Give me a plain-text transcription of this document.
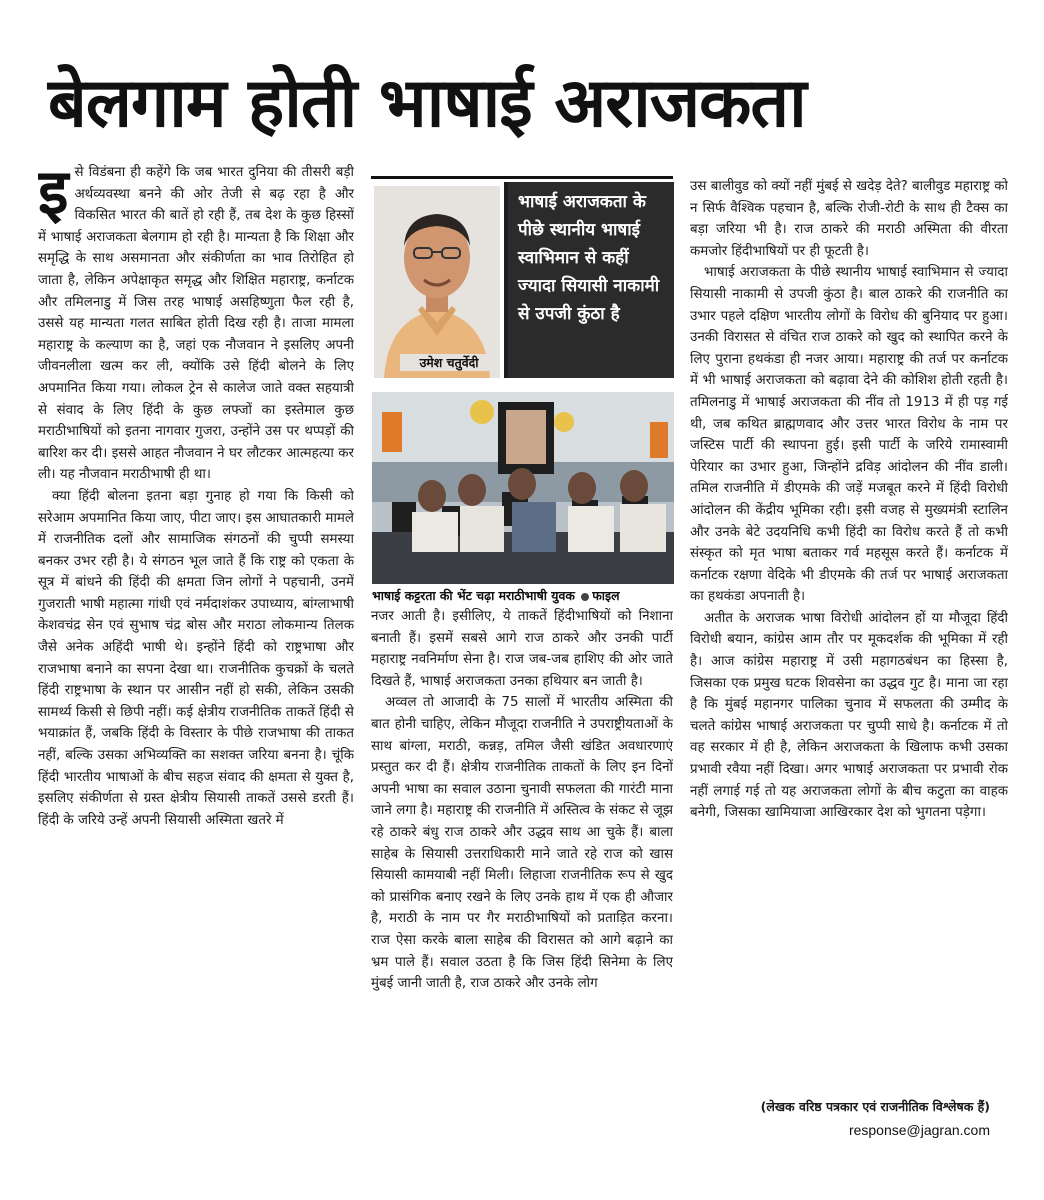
बेलगाम होती भाषाई अराजकता

इसे विडंबना ही कहेंगे कि जब भारत दुनिया की तीसरी बड़ी अर्थव्यवस्था बनने की ओर तेजी से बढ़ रहा है और विकसित भारत की बातें हो रही हैं, तब देश के कुछ हिस्सों में भाषाई अराजकता बेलगाम हो रही है। मान्यता है कि शिक्षा और समृद्धि के साथ असमानता और संकीर्णता का भाव तिरोहित हो जाता है, लेकिन अपेक्षाकृत समृद्ध और शिक्षित महाराष्ट्र, कर्नाटक और तमिलनाडु में जिस तरह भाषाई असहिष्णुता फैल रही है, उससे यह मान्यता गलत साबित होती दिख रही है। ताजा मामला महाराष्ट्र के कल्याण का है, जहां एक नौजवान ने इसलिए अपनी जीवनलीला खत्म कर ली, क्योंकि उसे हिंदी बोलने के लिए अपमानित किया गया। लोकल ट्रेन से कालेज जाते वक्त सहयात्री से संवाद के लिए हिंदी के कुछ लफ्जों का इस्तेमाल कुछ मराठीभाषियों को इतना नागवार गुजरा, उन्होंने उस पर थप्पड़ों की बारिश कर दी। इससे आहत नौजवान ने घर लौटकर आत्महत्या कर ली। यह नौजवान मराठीभाषी ही था।

क्या हिंदी बोलना इतना बड़ा गुनाह हो गया कि किसी को सरेआम अपमानित किया जाए, पीटा जाए। इस आघातकारी मामले में राजनीतिक दलों और सामाजिक संगठनों की चुप्पी समस्या बनकर उभर रही है। ये संगठन भूल जाते हैं कि राष्ट्र को एकता के सूत्र में बांधने की हिंदी की क्षमता जिन लोगों ने पहचानी, उनमें गुजराती भाषी महात्मा गांधी एवं नर्मदाशंकर उपाध्याय, बांग्लाभाषी केशवचंद्र सेन एवं सुभाष चंद्र बोस और मराठा लोकमान्य तिलक जैसे अनेक अहिंदी भाषी थे। इन्होंने हिंदी को राष्ट्रभाषा और राजभाषा बनाने का सपना देखा था। राजनीतिक कुचक्रों के चलते हिंदी राष्ट्रभाषा के स्थान पर आसीन नहीं हो सकी, लेकिन उसकी सामर्थ्य किसी से छिपी नहीं। कई क्षेत्रीय राजनीतिक ताकतें हिंदी से भयाक्रांत हैं, जबकि हिंदी के विस्तार के पीछे राजभाषा की ताकत नहीं, बल्कि उसका अभिव्यक्ति का सशक्त जरिया बनना है। चूंकि हिंदी भारतीय भाषाओं के बीच सहज संवाद की क्षमता से युक्त है, इसलिए संकीर्णता से ग्रस्त क्षेत्रीय सियासी ताकतें उससे डरती हैं। हिंदी के जरिये उन्हें अपनी सियासी अस्मिता खतरे में

उमेश चतुर्वेदी
भाषाई अराजकता के पीछे स्थानीय भाषाई स्वाभिमान से कहीं ज्यादा सियासी नाकामी से उपजी कुंठा है
भाषाई कट्टरता की भेंट चढ़ा मराठीभाषी युवक फाइल

नजर आती है। इसीलिए, ये ताकतें हिंदीभाषियों को निशाना बनाती हैं। इसमें सबसे आगे राज ठाकरे और उनकी पार्टी महाराष्ट्र नवनिर्माण सेना है। राज जब-जब हाशिए की ओर जाते दिखते हैं, भाषाई अराजकता उनका हथियार बन जाती है।

अव्वल तो आजादी के 75 सालों में भारतीय अस्मिता की बात होनी चाहिए, लेकिन मौजूदा राजनीति ने उपराष्ट्रीयताओं के साथ बांग्ला, मराठी, कन्नड़, तमिल जैसी खंडित अवधारणाएं प्रस्तुत कर दी हैं। क्षेत्रीय राजनीतिक ताकतों के लिए इन दिनों अपनी भाषा का सवाल उठाना चुनावी सफलता की गारंटी माना जाने लगा है। महाराष्ट्र की राजनीति में अस्तित्व के संकट से जूझ रहे ठाकरे बंधु राज ठाकरे और उद्धव साथ आ चुके हैं। बाला साहेब के सियासी उत्तराधिकारी माने जाते रहे राज को खास सियासी कामयाबी नहीं मिली। लिहाजा राजनीतिक रूप से खुद को प्रासंगिक बनाए रखने के लिए उनके हाथ में एक ही औजार है, मराठी के नाम पर गैर मराठीभाषियों को प्रताड़ित करना। राज ऐसा करके बाला साहेब की विरासत को आगे बढ़ाने का भ्रम पाले हैं। सवाल उठता है कि जिस हिंदी सिनेमा के लिए मुंबई जानी जाती है, राज ठाकरे और उनके लोग

उस बालीवुड को क्यों नहीं मुंबई से खदेड़ देते? बालीवुड महाराष्ट्र को न सिर्फ वैश्विक पहचान है, बल्कि रोजी-रोटी के साथ ही टैक्स का बड़ा जरिया भी है। राज ठाकरे की मराठी अस्मिता की वीरता कमजोर हिंदीभाषियों पर ही फूटती है।

भाषाई अराजकता के पीछे स्थानीय भाषाई स्वाभिमान से ज्यादा सियासी नाकामी से उपजी कुंठा है। बाल ठाकरे की राजनीति का उभार पहले दक्षिण भारतीय लोगों के विरोध की बुनियाद पर हुआ। उनकी विरासत से वंचित राज ठाकरे को खुद को स्थापित करने के लिए पुराना हथकंडा ही नजर आया। महाराष्ट्र की तर्ज पर कर्नाटक में भी भाषाई अराजकता को बढ़ावा देने की कोशिश होती रहती है। तमिलनाडु में भाषाई अराजकता की नींव तो 1913 में ही पड़ गई थी, जब कथित ब्राह्मणवाद और उत्तर भारत विरोध के नाम पर जस्टिस पार्टी की स्थापना हुई। इसी पार्टी के जरिये रामास्वामी पेरियार का उभार हुआ, जिन्होंने द्रविड़ आंदोलन की नींव डाली। तमिल राजनीति में डीएमके की जड़ें मजबूत करने में हिंदी विरोधी आंदोलन की केंद्रीय भूमिका रही। इसी वजह से मुख्यमंत्री स्टालिन और उनके बेटे उदयनिधि कभी हिंदी का विरोध करते हैं तो कभी संस्कृत को मृत भाषा बताकर गर्व महसूस करते हैं। कर्नाटक में कर्नाटक रक्षणा वेदिके भी डीएमके की तर्ज पर भाषाई अराजकता का हथकंडा अपनाती है।

अतीत के अराजक भाषा विरोधी आंदोलन हों या मौजूदा हिंदी विरोधी बयान, कांग्रेस आम तौर पर मूकदर्शक की भूमिका में रही है। आज कांग्रेस महाराष्ट्र में उसी महागठबंधन का हिस्सा है, जिसका एक प्रमुख घटक शिवसेना का उद्धव गुट है। माना जा रहा है कि मुंबई महानगर पालिका चुनाव में सफलता की उम्मीद के चलते कांग्रेस भाषाई अराजकता पर चुप्पी साधे है। कर्नाटक में तो वह सरकार में ही है, लेकिन अराजकता के खिलाफ कभी उसका प्रभावी रवैया नहीं दिखा। अगर भाषाई अराजकता पर प्रभावी रोक नहीं लगाई गई तो यह अराजकता लोगों के बीच कटुता का वाहक बनेगी, जिसका खामियाजा आखिरकार देश को भुगतना पड़ेगा।

(लेखक वरिष्ठ पत्रकार एवं राजनीतिक विश्लेषक हैं)
response@jagran.com
